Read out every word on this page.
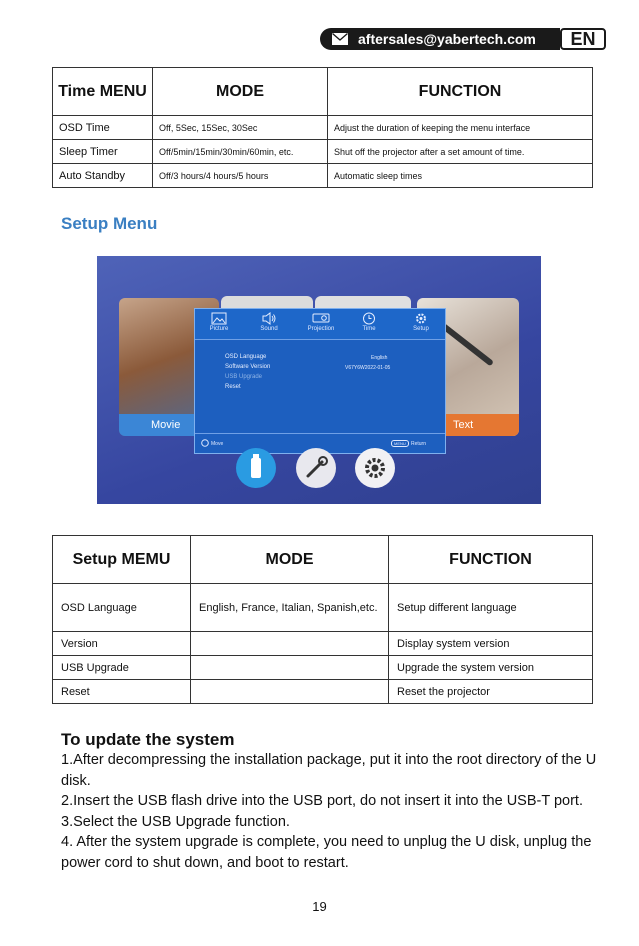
aftersales@yabertech.com	EN
Time MENU	MODE	FUNCTION
OSD Time	Off, 5Sec, 15Sec, 30Sec	Adjust the duration of keeping the menu interface
Sleep Timer	Off/5min/15min/30min/60min, etc.	Shut off the projector after a set amount of time.
Auto Standby	Off/3 hours/4 hours/5 hours	Automatic sleep times
Setup Menu
Movie	Text
Picture	Sound	Projection	Time	Setup
OSD Language	English
Software Version	V67Y6W2022-01-05
USB Upgrade
Reset
Move	MENU	Return
Setup MEMU	MODE	FUNCTION
OSD Language	English, France, Italian, Spanish,etc.	Setup different language
Version		Display system version
USB Upgrade		Upgrade the system version
Reset		Reset the projector
To update the system
1.After decompressing the installation package, put it into the root directory of the U disk.
2.Insert the USB flash drive into the USB port, do not insert it into the USB-T port.
3.Select the USB Upgrade function.
4. After the system upgrade is complete, you need to unplug the U disk, unplug the power cord to shut down, and boot to restart.
19
